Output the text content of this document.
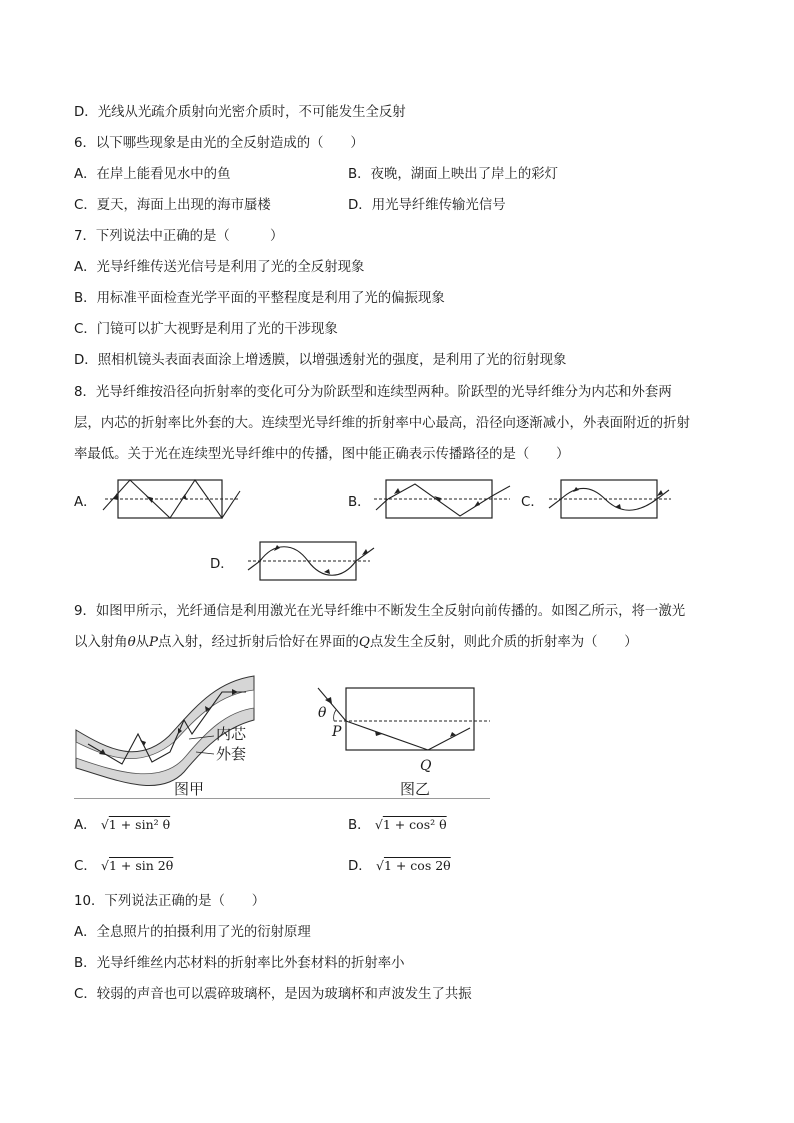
D．光线从光疏介质射向光密介质时，不可能发生全反射
6．以下哪些现象是由光的全反射造成的（　　）
A．在岸上能看见水中的鱼	B．夜晚，湖面上映出了岸上的彩灯
C．夏天，海面上出现的海市蜃楼	D．用光导纤维传输光信号
7．下列说法中正确的是（　　　）
A．光导纤维传送光信号是利用了光的全反射现象
B．用标准平面检查光学平面的平整程度是利用了光的偏振现象
C．门镜可以扩大视野是利用了光的干涉现象
D．照相机镜头表面表面涂上增透膜，以增强透射光的强度，是利用了光的衍射现象
8．光导纤维按沿径向折射率的变化可分为阶跃型和连续型两种。阶跃型的光导纤维分为内芯和外套两
层，内芯的折射率比外套的大。连续型光导纤维的折射率中心最高，沿径向逐渐减小，外表面附近的折射
率最低。关于光在连续型光导纤维中的传播，图中能正确表示传播路径的是（　　）
A．	B．	C．
D．
9．如图甲所示，光纤通信是利用激光在光导纤维中不断发生全反射向前传播的。如图乙所示，将一激光
以入射角θ从P点入射，经过折射后恰好在界面的Q点发生全反射，则此介质的折射率为（　　）
内芯
外套
图甲
θ
P
Q
图乙
A． √1 + sin² θ	B． √1 + cos² θ
C． √1 + sin 2θ	D． √1 + cos 2θ
10．下列说法正确的是（　　）
A．全息照片的拍摄利用了光的衍射原理
B．光导纤维丝内芯材料的折射率比外套材料的折射率小
C．较弱的声音也可以震碎玻璃杯，是因为玻璃杯和声波发生了共振
